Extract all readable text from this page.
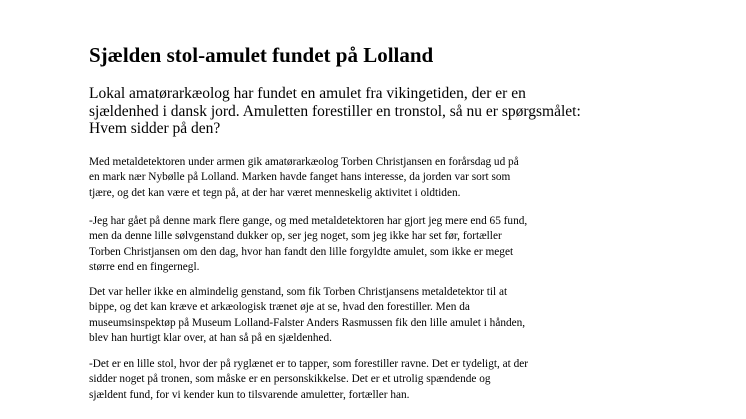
Sjælden stol-amulet fundet på Lolland

Lokal amatørarkæolog har fundet en amulet fra vikingetiden, der er en
sjældenhed i dansk jord. Amuletten forestiller en tronstol, så nu er spørgsmålet:
Hvem sidder på den?

Med metaldetektoren under armen gik amatørarkæolog Torben Christjansen en forårsdag ud på
en mark nær Nybølle på Lolland. Marken havde fanget hans interesse, da jorden var sort som
tjære, og det kan være et tegn på, at der har været menneskelig aktivitet i oldtiden.

-Jeg har gået på denne mark flere gange, og med metaldetektoren har gjort jeg mere end 65 fund,
men da denne lille sølvgenstand dukker op, ser jeg noget, som jeg ikke har set før, fortæller
Torben Christjansen om den dag, hvor han fandt den lille forgyldte amulet, som ikke er meget
større end en fingernegl.

Det var heller ikke en almindelig genstand, som fik Torben Christjansens metaldetektor til at
bippe, og det kan kræve et arkæologisk trænet øje at se, hvad den forestiller. Men da
museumsinspektøp på Museum Lolland-Falster Anders Rasmussen fik den lille amulet i hånden,
blev han hurtigt klar over, at han så på en sjældenhed.

-Det er en lille stol, hvor der på ryglænet er to tapper, som forestiller ravne. Det er tydeligt, at der
sidder noget på tronen, som måske er en personskikkelse. Det er et utrolig spændende og
sjældent fund, for vi kender kun to tilsvarende amuletter, fortæller han.
